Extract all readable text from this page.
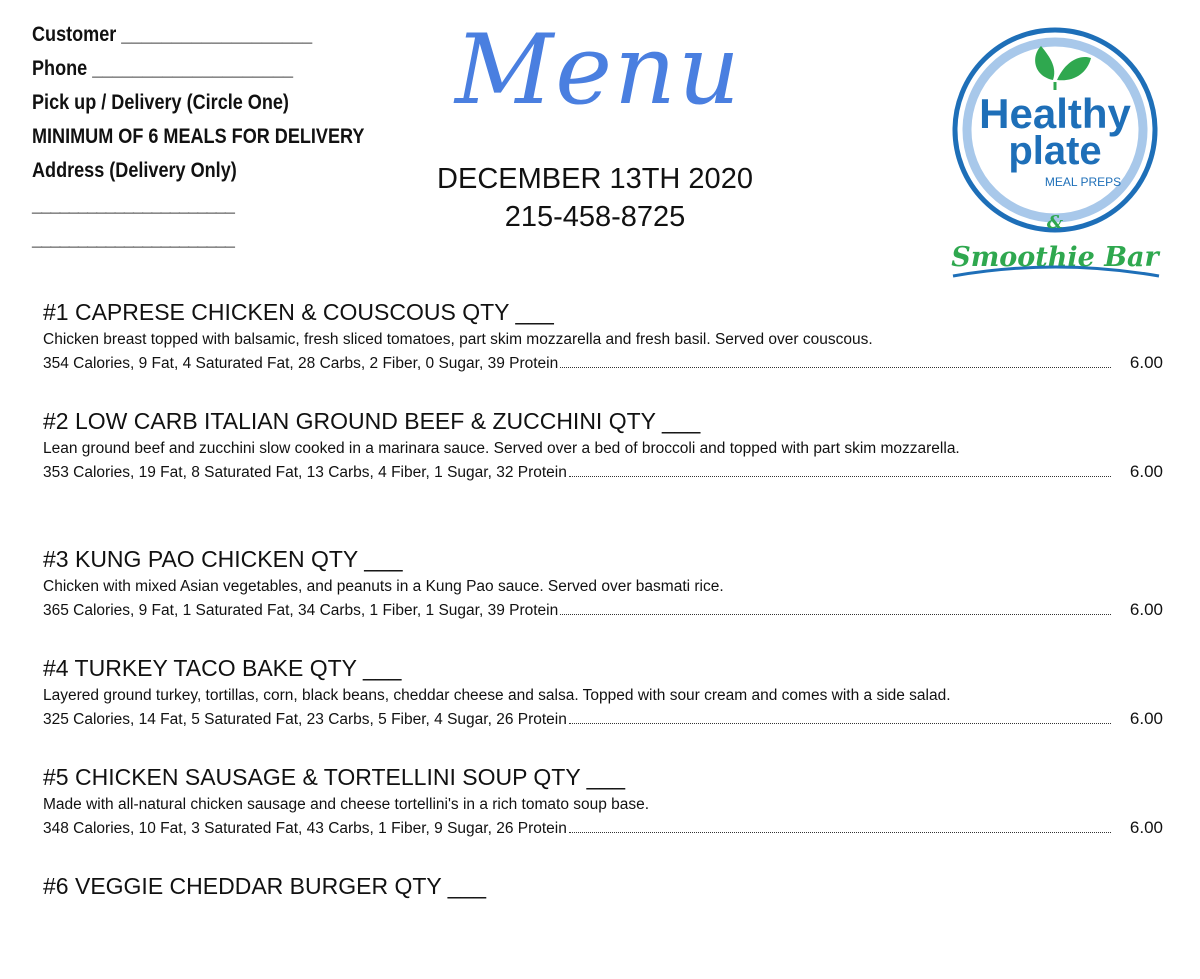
Customer ___________________
Phone ____________________
Pick up / Delivery (Circle One)
MINIMUM OF 6 MEALS FOR DELIVERY
Address (Delivery Only)
______________________
______________________
Menu
DECEMBER 13TH 2020
215-458-8725
Healthy
plate
MEAL PREPS
&
Smoothie Bar
#1 CAPRESE CHICKEN & COUSCOUS QTY ___
Chicken breast topped with balsamic, fresh sliced tomatoes, part skim mozzarella and fresh basil. Served over couscous.
354 Calories, 9 Fat, 4 Saturated Fat, 28 Carbs, 2 Fiber, 0 Sugar, 39 Protein	6.00
#2 LOW CARB ITALIAN GROUND BEEF & ZUCCHINI QTY ___
Lean ground beef and zucchini slow cooked in a marinara sauce. Served over a bed of broccoli and topped with part skim mozzarella.
353 Calories, 19 Fat, 8 Saturated Fat, 13 Carbs, 4 Fiber, 1 Sugar, 32 Protein	6.00
#3 KUNG PAO CHICKEN QTY ___
Chicken with mixed Asian vegetables, and peanuts in a Kung Pao sauce. Served over basmati rice.
365 Calories, 9 Fat, 1 Saturated Fat, 34 Carbs, 1 Fiber, 1 Sugar, 39 Protein	6.00
#4 TURKEY TACO BAKE QTY ___
Layered ground turkey, tortillas, corn, black beans, cheddar cheese and salsa. Topped with sour cream and comes with a side salad.
325 Calories, 14 Fat, 5 Saturated Fat, 23 Carbs, 5 Fiber, 4 Sugar, 26 Protein	6.00
#5 CHICKEN SAUSAGE & TORTELLINI SOUP QTY ___
Made with all-natural chicken sausage and cheese tortellini's in a rich tomato soup base.
348 Calories, 10 Fat, 3 Saturated Fat, 43 Carbs, 1 Fiber, 9 Sugar, 26 Protein	6.00
#6 VEGGIE CHEDDAR BURGER QTY ___
